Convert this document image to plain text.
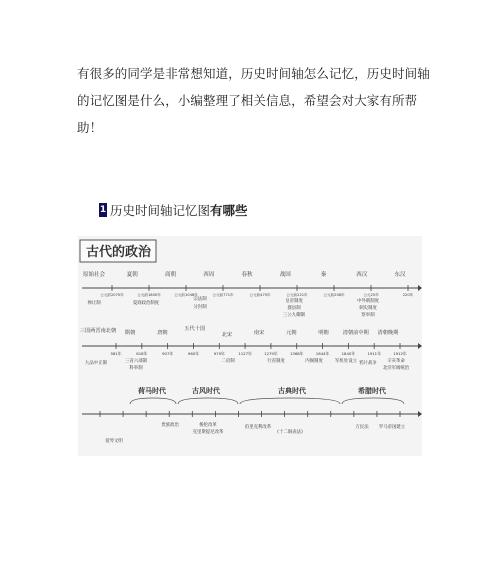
有很多的同学是非常想知道，历史时间轴怎么记忆，历史时间轴的记忆图是什么，小编整理了相关信息，希望会对大家有所帮助！
1 历史时间轴记忆图 有哪些
古代的政治
原始社会	夏朝	商朝	西周	春秋	战国	秦	西汉	东汉
公元前2070年	公元前1600年	公元前1046年	公元前771年	公元前475年	公元前221年	公元前206年	公元25年	220年
禅让制	夏商政治制度
宗法制
分封制
皇帝制度
郡县制
三公九卿制
中外朝制度
刺史制度
察举制
三国两晋南北朝 隋朝	唐朝
五代十国
北宋	南宋	元朝	明朝	清朝前中期 清朝晚期
581年	618年	907年	960年	979年	1127年	1279年	1368年	1644年	1840年	1911年	1912年
九品中正制	三省六部制
科举制
二府制	行省制度	内阁制度	军机处设立 鸦片战争 辛亥革命
北洋军阀统治
荷马时代	古风时代	古典时代	希腊时代
爱琴文明
贵族政治	梭伦改革
克里斯提尼改革
伯里克利改革
《十二铜表法》
万民法 罗马帝国建立
